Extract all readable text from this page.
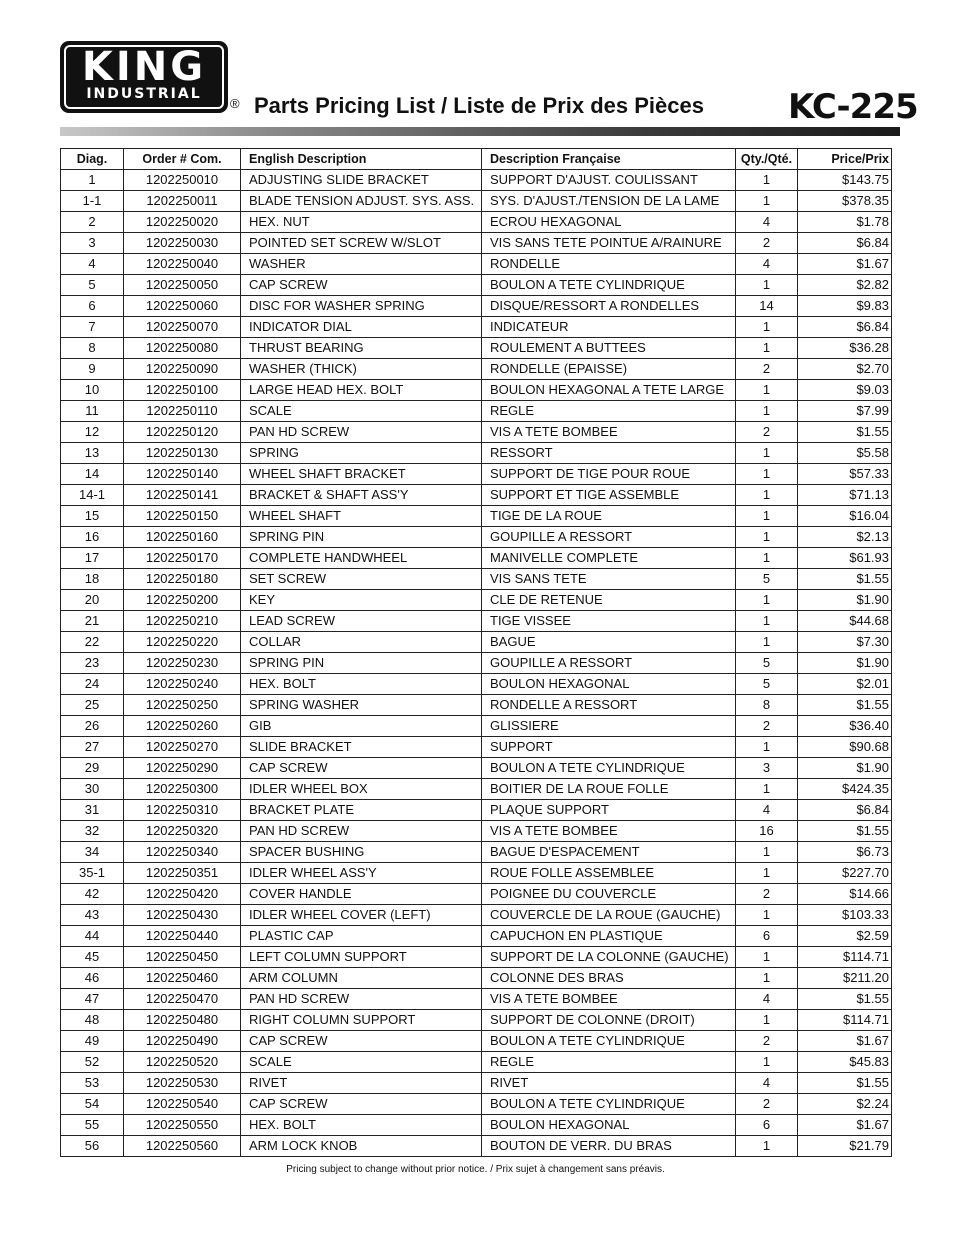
KING
INDUSTRIAL
® Parts Pricing List / Liste de Prix des Pièces KC-225
Diag.	Order # Com.	English Description	Description Française	Qty./Qté.	Price/Prix
1	1202250010	ADJUSTING SLIDE BRACKET	SUPPORT D'AJUST. COULISSANT	1	$143.75
1-1	1202250011	BLADE TENSION ADJUST. SYS. ASS.	SYS. D'AJUST./TENSION DE LA LAME	1	$378.35
2	1202250020	HEX. NUT	ECROU HEXAGONAL	4	$1.78
3	1202250030	POINTED SET SCREW W/SLOT	VIS SANS TETE POINTUE A/RAINURE	2	$6.84
4	1202250040	WASHER	RONDELLE	4	$1.67
5	1202250050	CAP SCREW	BOULON A TETE CYLINDRIQUE	1	$2.82
6	1202250060	DISC FOR WASHER SPRING	DISQUE/RESSORT A RONDELLES	14	$9.83
7	1202250070	INDICATOR DIAL	INDICATEUR	1	$6.84
8	1202250080	THRUST BEARING	ROULEMENT A BUTTEES	1	$36.28
9	1202250090	WASHER (THICK)	RONDELLE (EPAISSE)	2	$2.70
10	1202250100	LARGE HEAD HEX. BOLT	BOULON HEXAGONAL A TETE LARGE	1	$9.03
11	1202250110	SCALE	REGLE	1	$7.99
12	1202250120	PAN HD SCREW	VIS A TETE BOMBEE	2	$1.55
13	1202250130	SPRING	RESSORT	1	$5.58
14	1202250140	WHEEL SHAFT BRACKET	SUPPORT DE TIGE POUR ROUE	1	$57.33
14-1	1202250141	BRACKET & SHAFT ASS'Y	SUPPORT ET TIGE ASSEMBLE	1	$71.13
15	1202250150	WHEEL SHAFT	TIGE DE LA ROUE	1	$16.04
16	1202250160	SPRING PIN	GOUPILLE A RESSORT	1	$2.13
17	1202250170	COMPLETE HANDWHEEL	MANIVELLE COMPLETE	1	$61.93
18	1202250180	SET SCREW	VIS SANS TETE	5	$1.55
20	1202250200	KEY	CLE DE RETENUE	1	$1.90
21	1202250210	LEAD SCREW	TIGE VISSEE	1	$44.68
22	1202250220	COLLAR	BAGUE	1	$7.30
23	1202250230	SPRING PIN	GOUPILLE A RESSORT	5	$1.90
24	1202250240	HEX. BOLT	BOULON HEXAGONAL	5	$2.01
25	1202250250	SPRING WASHER	RONDELLE A RESSORT	8	$1.55
26	1202250260	GIB	GLISSIERE	2	$36.40
27	1202250270	SLIDE BRACKET	SUPPORT	1	$90.68
29	1202250290	CAP SCREW	BOULON A TETE CYLINDRIQUE	3	$1.90
30	1202250300	IDLER WHEEL BOX	BOITIER DE LA ROUE FOLLE	1	$424.35
31	1202250310	BRACKET PLATE	PLAQUE SUPPORT	4	$6.84
32	1202250320	PAN HD SCREW	VIS A TETE BOMBEE	16	$1.55
34	1202250340	SPACER BUSHING	BAGUE D'ESPACEMENT	1	$6.73
35-1	1202250351	IDLER WHEEL ASS'Y	ROUE FOLLE ASSEMBLEE	1	$227.70
42	1202250420	COVER HANDLE	POIGNEE DU COUVERCLE	2	$14.66
43	1202250430	IDLER WHEEL COVER (LEFT)	COUVERCLE DE LA ROUE (GAUCHE)	1	$103.33
44	1202250440	PLASTIC CAP	CAPUCHON EN PLASTIQUE	6	$2.59
45	1202250450	LEFT COLUMN SUPPORT	SUPPORT DE LA COLONNE (GAUCHE)	1	$114.71
46	1202250460	ARM COLUMN	COLONNE DES BRAS	1	$211.20
47	1202250470	PAN HD SCREW	VIS A TETE BOMBEE	4	$1.55
48	1202250480	RIGHT COLUMN SUPPORT	SUPPORT DE COLONNE (DROIT)	1	$114.71
49	1202250490	CAP SCREW	BOULON A TETE CYLINDRIQUE	2	$1.67
52	1202250520	SCALE	REGLE	1	$45.83
53	1202250530	RIVET	RIVET	4	$1.55
54	1202250540	CAP SCREW	BOULON A TETE CYLINDRIQUE	2	$2.24
55	1202250550	HEX. BOLT	BOULON HEXAGONAL	6	$1.67
56	1202250560	ARM LOCK KNOB	BOUTON DE VERR. DU BRAS	1	$21.79
Pricing subject to change without prior notice. / Prix sujet à changement sans préavis.
